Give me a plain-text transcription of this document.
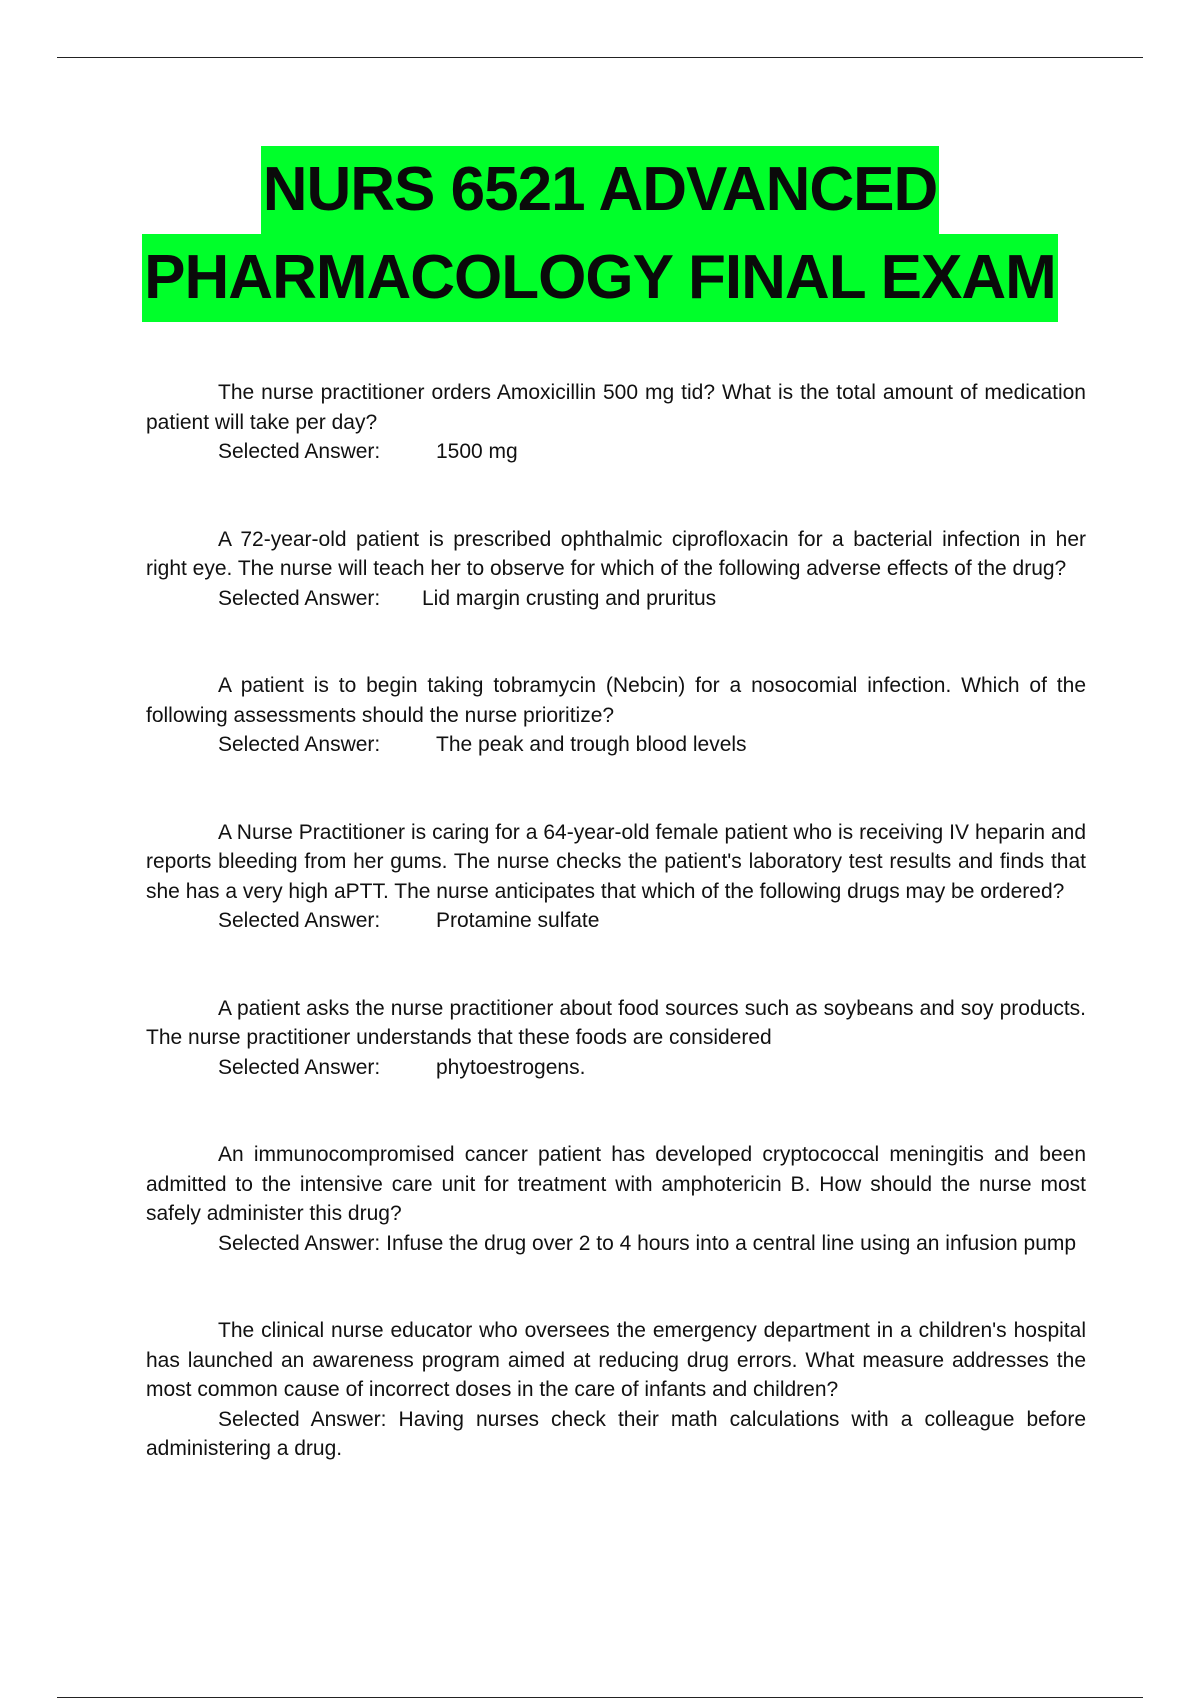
NURS 6521 ADVANCED
PHARMACOLOGY FINAL EXAM

The nurse practitioner orders Amoxicillin 500 mg tid? What is the total amount of medication patient will take per day?

Selected Answer:	1500 mg

A 72-year-old patient is prescribed ophthalmic ciprofloxacin for a bacterial infection in her right eye. The nurse will teach her to observe for which of the following adverse effects of the drug?

Selected Answer: Lid margin crusting and pruritus

A patient is to begin taking tobramycin (Nebcin) for a nosocomial infection. Which of the following assessments should the nurse prioritize?

Selected Answer:	The peak and trough blood levels

A Nurse Practitioner is caring for a 64-year-old female patient who is receiving IV heparin and reports bleeding from her gums. The nurse checks the patient's laboratory test results and finds that she has a very high aPTT. The nurse anticipates that which of the following drugs may be ordered?

Selected Answer:	Protamine sulfate

A patient asks the nurse practitioner about food sources such as soybeans and soy products. The nurse practitioner understands that these foods are considered

Selected Answer:	phytoestrogens.

An immunocompromised cancer patient has developed cryptococcal meningitis and been admitted to the intensive care unit for treatment with amphotericin B. How should the nurse most safely administer this drug?

Selected Answer: Infuse the drug over 2 to 4 hours into a central line using an infusion pump

The clinical nurse educator who oversees the emergency department in a children's hospital has launched an awareness program aimed at reducing drug errors. What measure addresses the most common cause of incorrect doses in the care of infants and children?

Selected Answer: Having nurses check their math calculations with a colleague before administering a drug.
